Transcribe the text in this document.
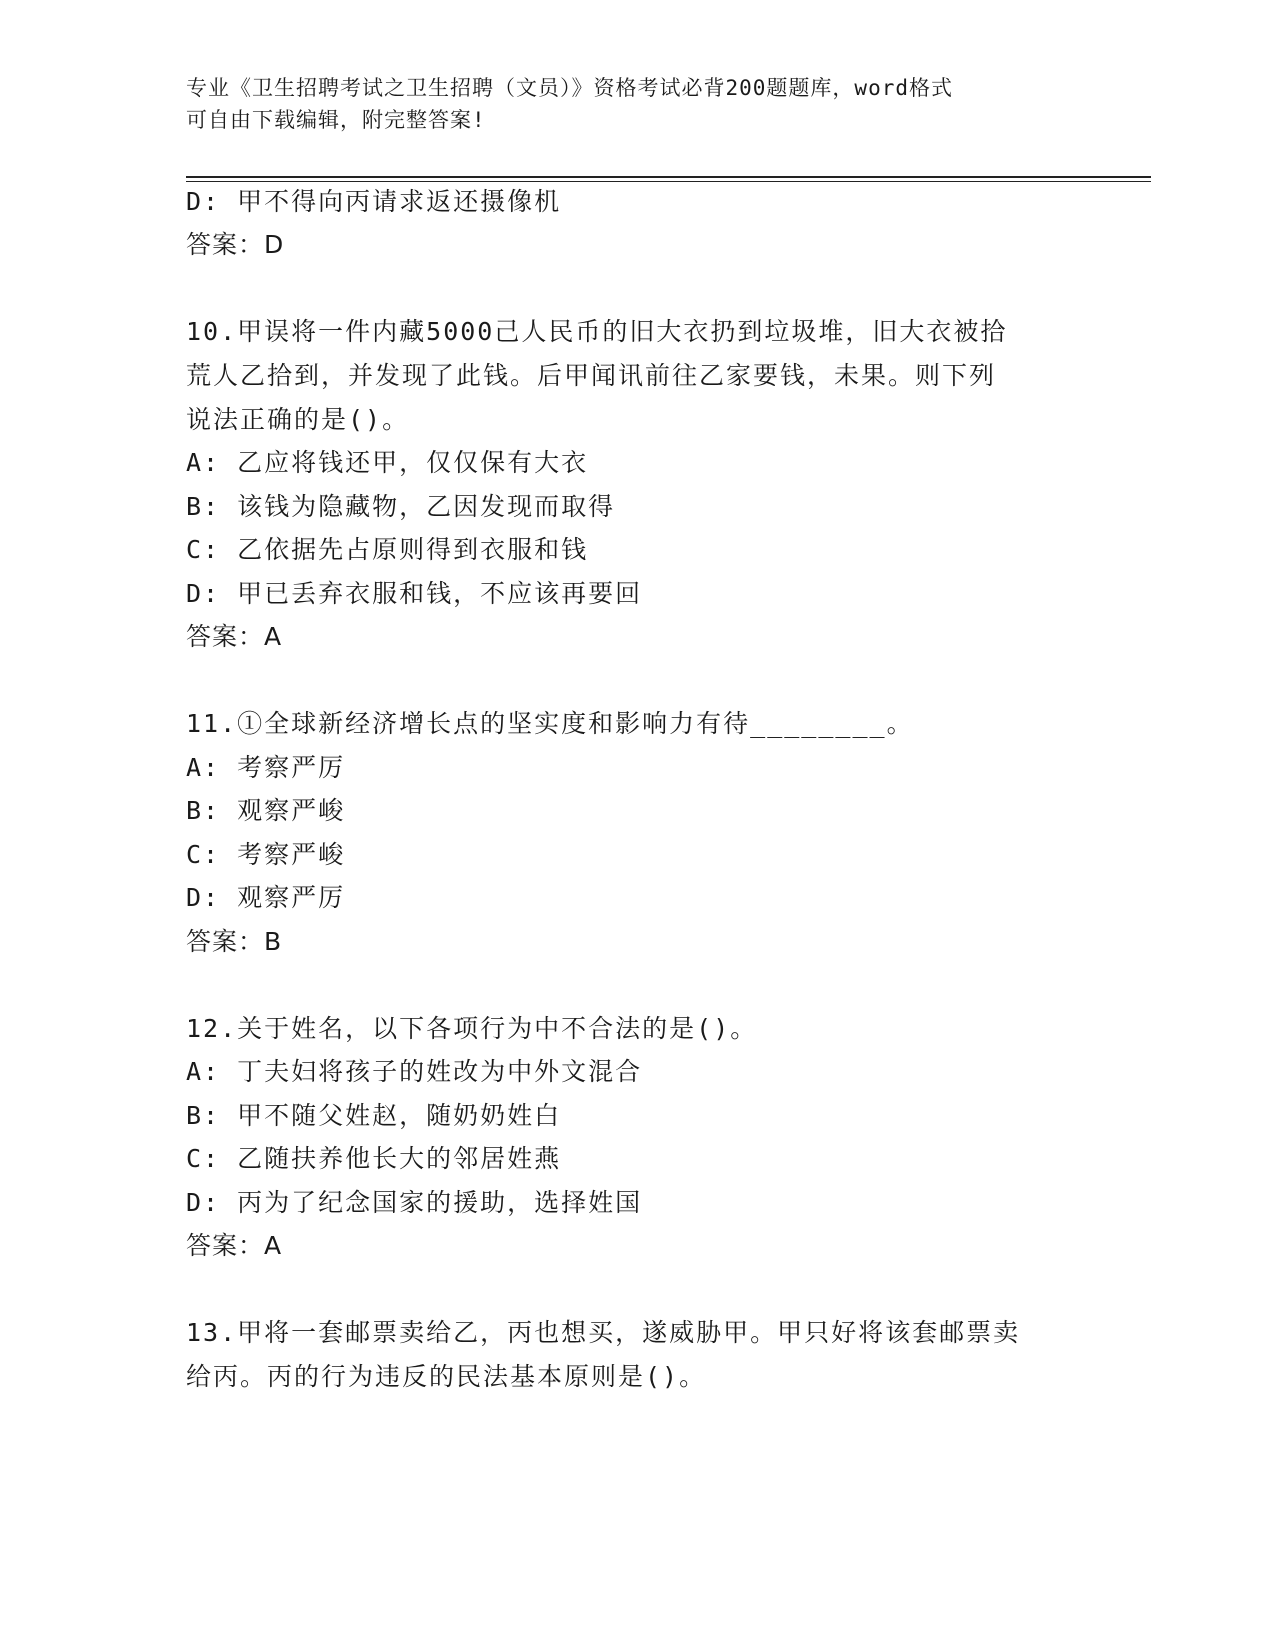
专业《卫生招聘考试之卫生招聘（文员）》资格考试必背200题题库，word格式
可自由下载编辑，附完整答案!
D: 甲不得向丙请求返还摄像机
答案：D
10.甲误将一件内藏5000己人民币的旧大衣扔到垃圾堆，旧大衣被拾
荒人乙拾到，并发现了此钱。后甲闻讯前往乙家要钱，未果。则下列
说法正确的是()。
A: 乙应将钱还甲，仅仅保有大衣
B: 该钱为隐藏物，乙因发现而取得
C: 乙依据先占原则得到衣服和钱
D: 甲已丢弃衣服和钱，不应该再要回
答案：A
11.①全球新经济增长点的坚实度和影响力有待________。
A: 考察严厉
B: 观察严峻
C: 考察严峻
D: 观察严厉
答案：B
12.关于姓名，以下各项行为中不合法的是()。
A: 丁夫妇将孩子的姓改为中外文混合
B: 甲不随父姓赵，随奶奶姓白
C: 乙随扶养他长大的邻居姓燕
D: 丙为了纪念国家的援助，选择姓国
答案：A
13.甲将一套邮票卖给乙，丙也想买，遂威胁甲。甲只好将该套邮票卖
给丙。丙的行为违反的民法基本原则是()。
